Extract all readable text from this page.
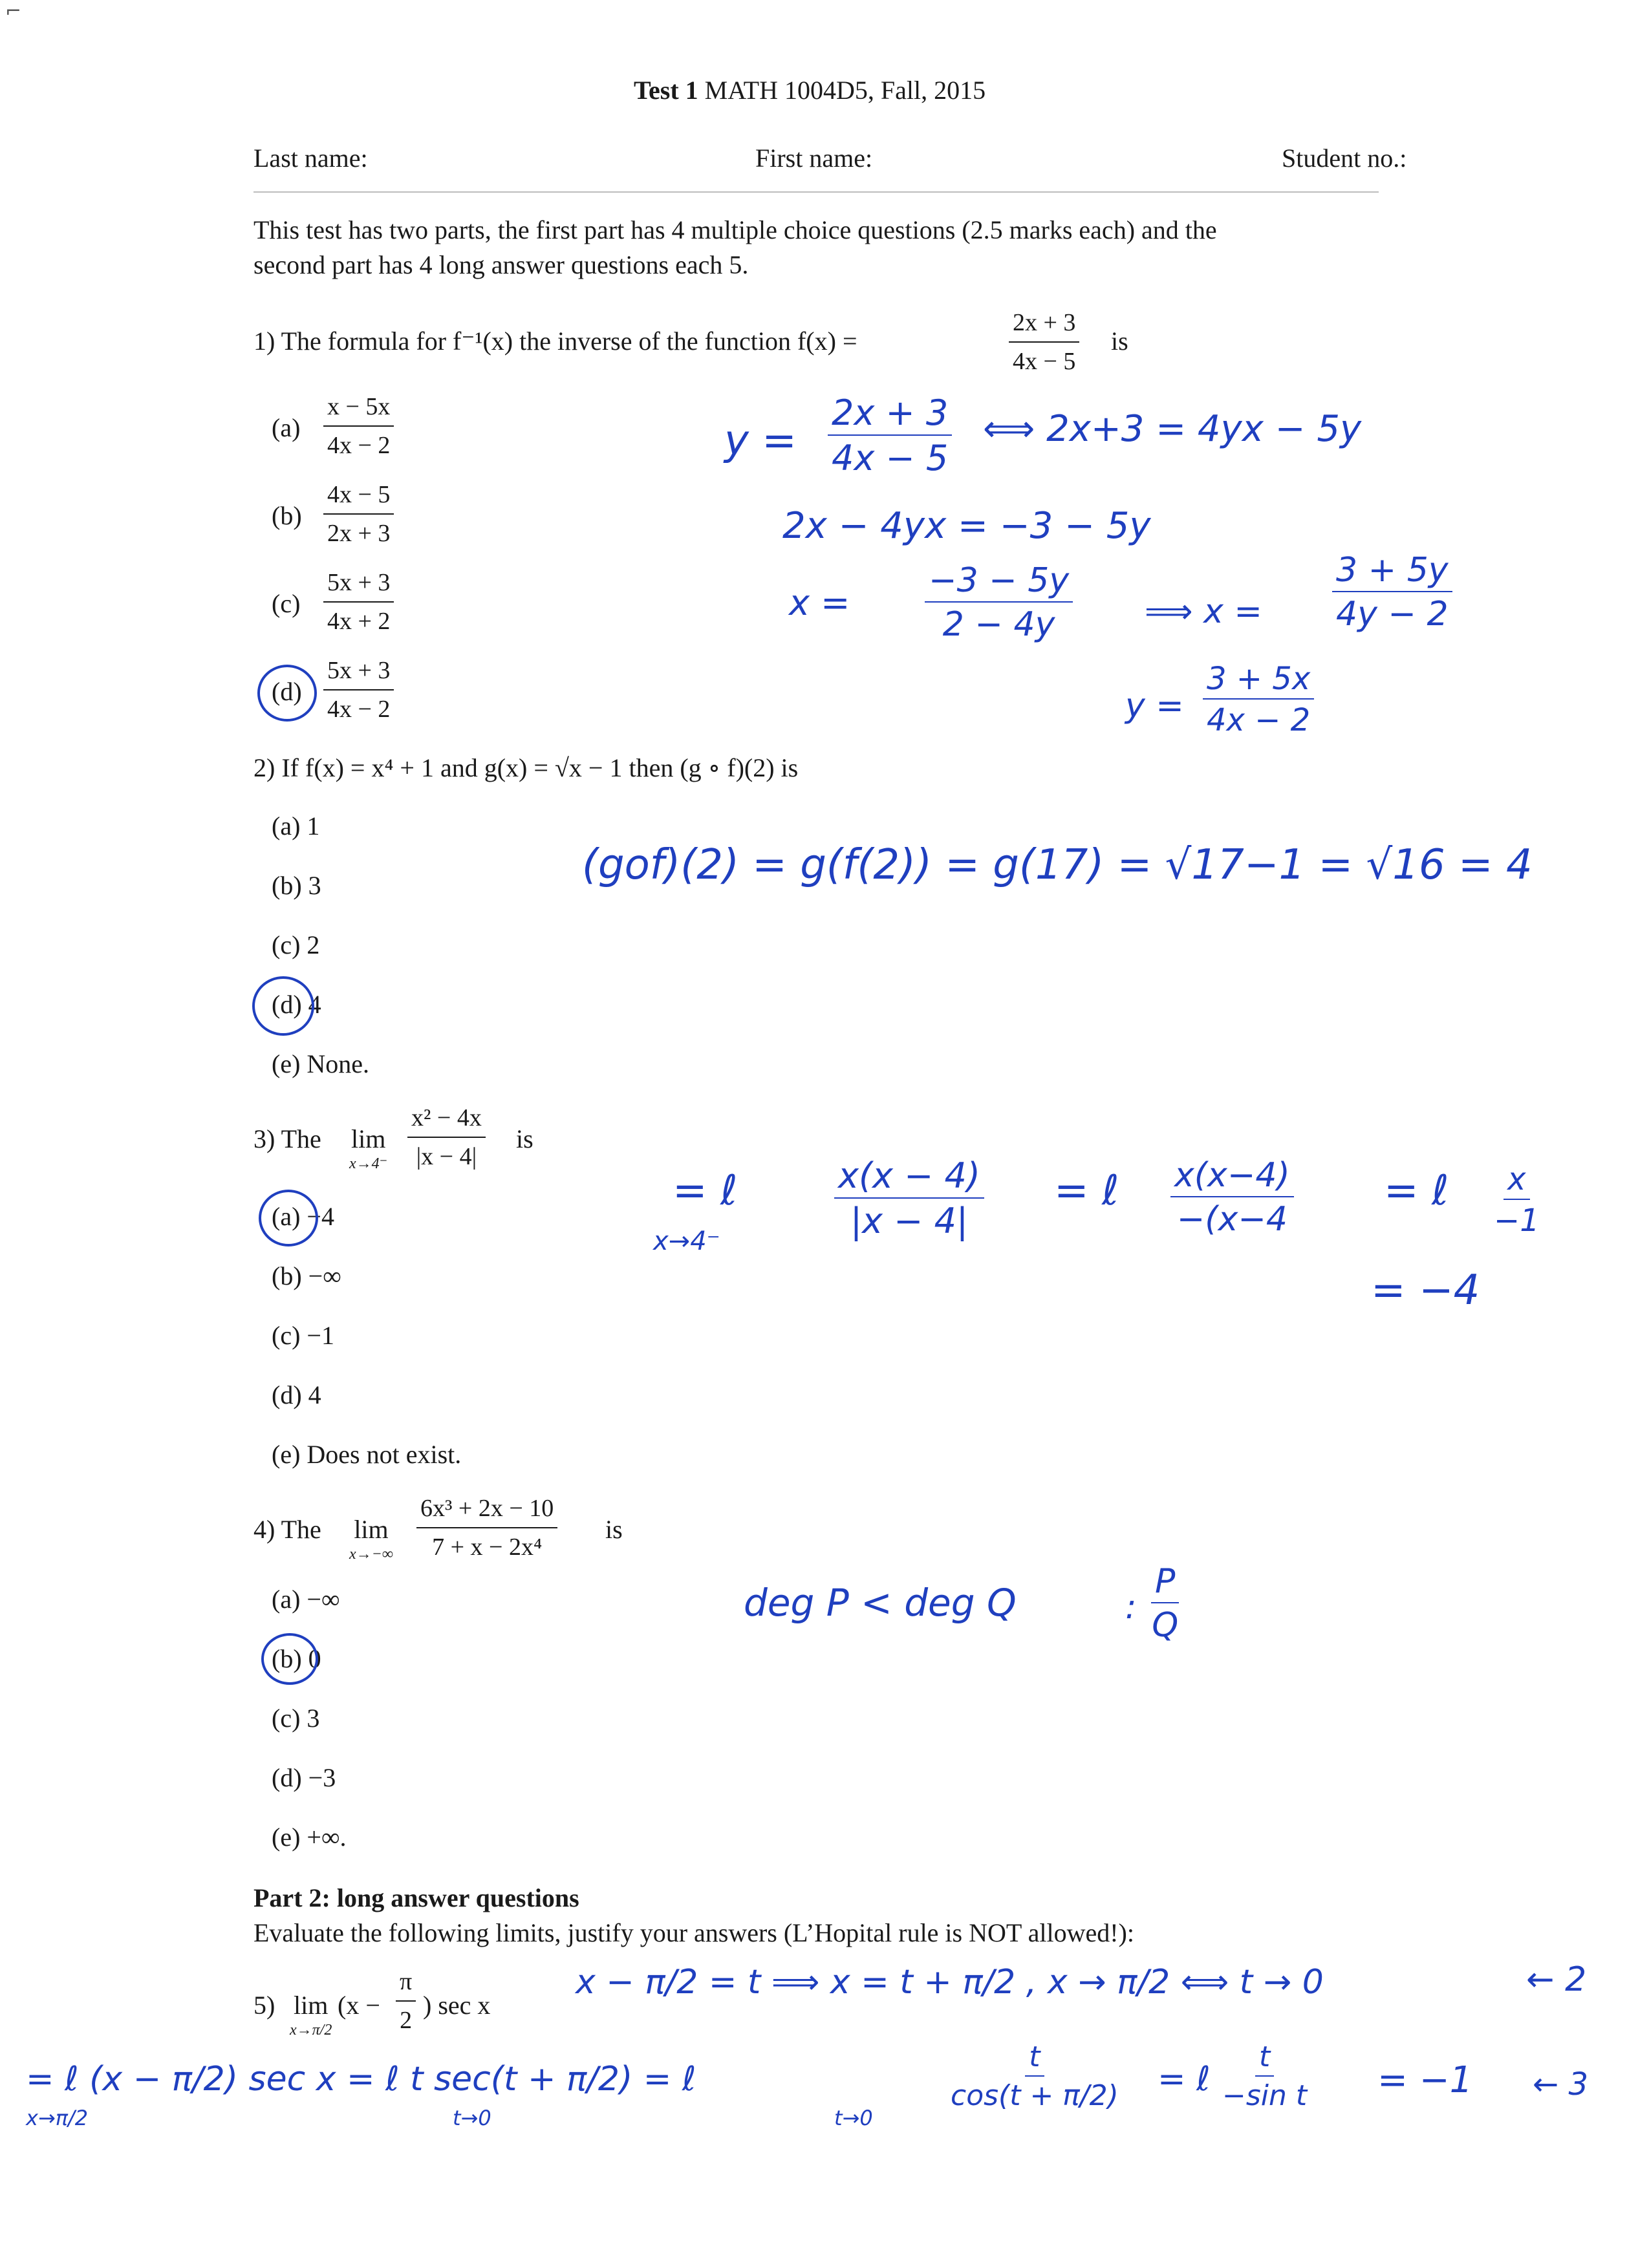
⌐
Test 1 MATH 1004D5, Fall, 2015
Last name:	First name:	Student no.:
This test has two parts, the first part has 4 multiple choice questions (2.5 marks each) and the
second part has 4 long answer questions each 5.
1) The formula for f⁻¹(x) the inverse of the function f(x) =	$\frac{2x + 3}{4x - 5}$ is
$(a) \frac{x - 5x}{4x - 2}$
$(b) \frac{4x - 5}{2x + 3}$
$(c) \frac{5x + 3}{4x + 2}$
$(d) \frac{5x + 3}{4x - 2}$
$y = \frac{2x + 3}{4x - 5}$ ⟺ 2x+3 = 4yx − 5y
2x − 4yx = −3 − 5y
$x = \frac{-3 - 5y}{2 - 4y}$ ⟹ $x = \frac{3 + 5y}{4y - 2}$
$y = \frac{3 + 5x}{4x - 2}$
2) If f(x) = x⁴ + 1 and g(x) = √x − 1 then (g ∘ f)(2) is
(a) 1
(b) 3
(c) 2
(d) 4
(e) None.
(gof)(2) = g(f(2)) = g(17) = √17−1 = √16 = 4
3) The lim
$x\to 4^- \frac{\text{x² − 4x}}{|x - 4|}$ is
(a) −4
(b) −∞
(c) −1
(d) 4
(e) Does not exist.
= ℓ
x→4⁻
$\frac{x(x - 4)}{|x - 4|}$ = ℓ $\frac{x(x-4)}{-(x-4}$ = ℓ $\frac{x}{-1}$
= −4
4) The lim
$x\to-\infty \frac{\text{6x³ + 2x − 10}}{\text{7 + x − 2x⁴}}$ is
(a) −∞
(b) 0
(c) 3
(d) −3
(e) +∞.
deg P < deg Q	: $\frac{P}{Q}$
Part 2: long answer questions
Evaluate the following limits, justify your answers (L’Hopital rule is NOT allowed!):
5) lim
x→π/2
($x - \frac{\pi}{2}$ ) sec x
x − π/2 = t ⟹ x = t + π/2 , x → π/2 ⟺ t → 0	← 2
= ℓ (x − π/2) sec x = ℓ t sec(t + π/2) = ℓ
x→π/2	t→0	t→0
$\frac{t}{\cos(t + \pi/2)}$ = ℓ $\frac{t}{\text{−sin t}} = -1$ ← 3
